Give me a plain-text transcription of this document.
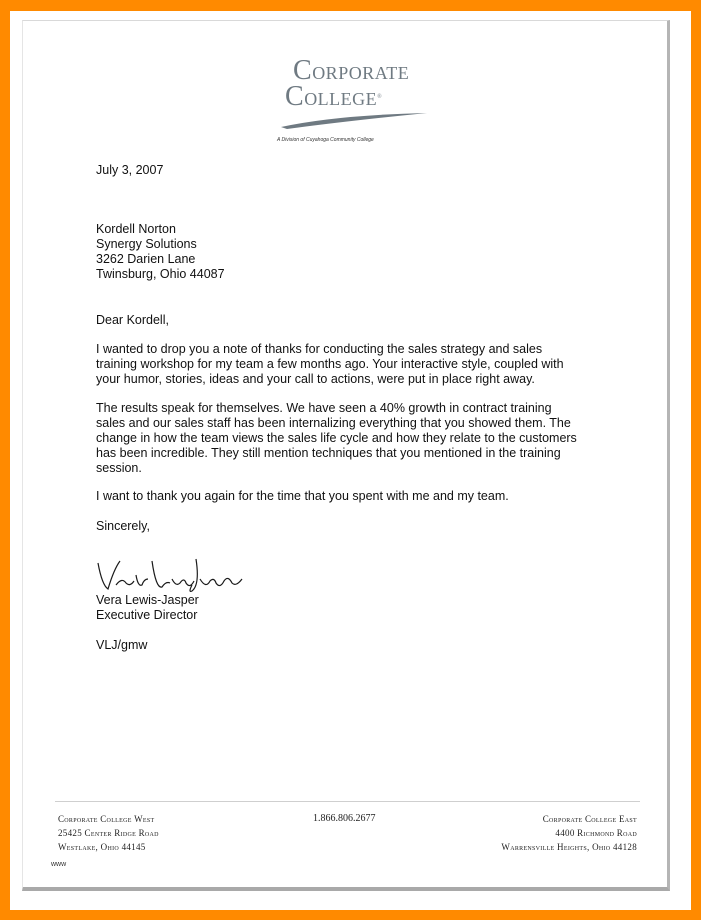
CORPORATE
COLLEGE®
A Division of Cuyahoga Community College
July 3, 2007
Kordell Norton
Synergy Solutions
3262 Darien Lane
Twinsburg, Ohio 44087
Dear Kordell,
I wanted to drop you a note of thanks for conducting the sales strategy and sales
training workshop for my team a few months ago. Your interactive style, coupled with
your humor, stories, ideas and your call to actions, were put in place right away.
The results speak for themselves. We have seen a 40% growth in contract training
sales and our sales staff has been internalizing everything that you showed them. The
change in how the team views the sales life cycle and how they relate to the customers
has been incredible. They still mention techniques that you mentioned in the training
session.
I want to thank you again for the time that you spent with me and my team.
Sincerely,
Vera Lewis-Jasper
Executive Director
VLJ/gmw
Corporate College West
25425 Center Ridge Road
Westlake, Ohio 44145
1.866.806.2677	Corporate College East
4400 Richmond Road
Warrensville Heights, Ohio 44128
www
